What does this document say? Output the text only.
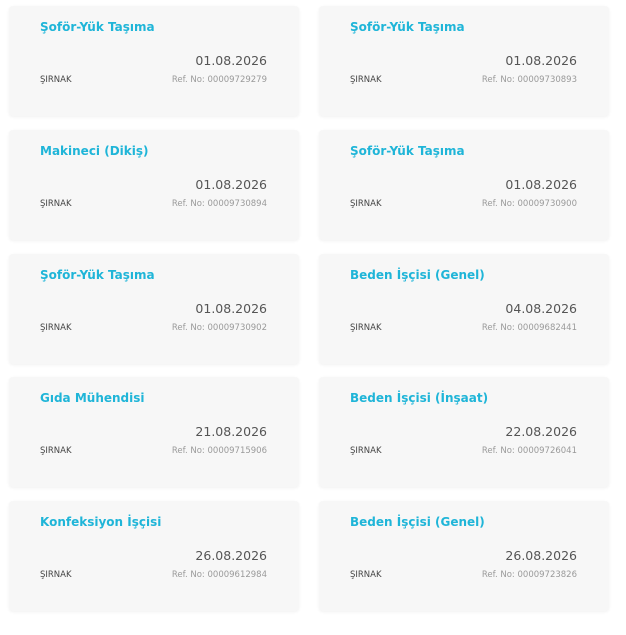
Şoför-Yük Taşıma
01.08.2026
ŞIRNAK	Ref. No: 00009729279
Şoför-Yük Taşıma
01.08.2026
ŞIRNAK	Ref. No: 00009730893
Makineci (Dikiş)
01.08.2026
ŞIRNAK	Ref. No: 00009730894
Şoför-Yük Taşıma
01.08.2026
ŞIRNAK	Ref. No: 00009730900
Şoför-Yük Taşıma
01.08.2026
ŞIRNAK	Ref. No: 00009730902
Beden İşçisi (Genel)
04.08.2026
ŞIRNAK	Ref. No: 00009682441
Gıda Mühendisi
21.08.2026
ŞIRNAK	Ref. No: 00009715906
Beden İşçisi (İnşaat)
22.08.2026
ŞIRNAK	Ref. No: 00009726041
Konfeksiyon İşçisi
26.08.2026
ŞIRNAK	Ref. No: 00009612984
Beden İşçisi (Genel)
26.08.2026
ŞIRNAK	Ref. No: 00009723826
